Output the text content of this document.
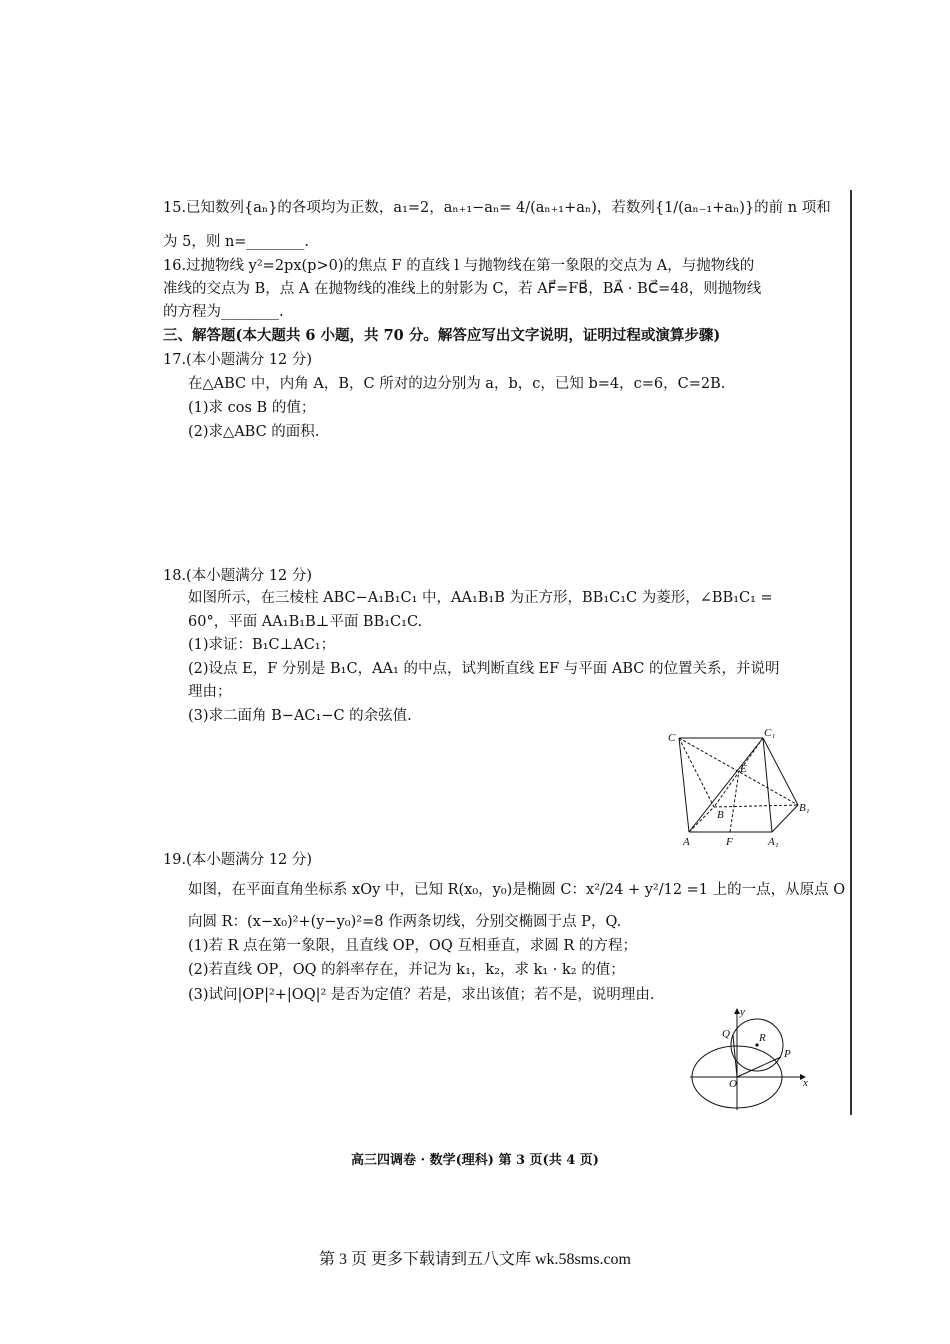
15.已知数列{aₙ}的各项均为正数，a₁=2，aₙ₊₁−aₙ= 4/(aₙ₊₁+aₙ)，若数列{1/(aₙ₋₁+aₙ)}的前 n 项和
为 5，则 n=________.
16.过抛物线 y²=2px(p>0)的焦点 F 的直线 l 与抛物线在第一象限的交点为 A，与抛物线的
准线的交点为 B，点 A 在抛物线的准线上的射影为 C，若 AF⃗=FB⃗，BA⃗ · BC⃗=48，则抛物线
的方程为________.
三、解答题(本大题共 6 小题，共 70 分。解答应写出文字说明，证明过程或演算步骤)
17.(本小题满分 12 分)
在△ABC 中，内角 A，B，C 所对的边分别为 a，b，c，已知 b=4，c=6，C=2B.
(1)求 cos B 的值；
(2)求△ABC 的面积.
18.(本小题满分 12 分)
如图所示，在三棱柱 ABC−A₁B₁C₁ 中，AA₁B₁B 为正方形，BB₁C₁C 为菱形，∠BB₁C₁ =
60°，平面 AA₁B₁B⊥平面 BB₁C₁C.
(1)求证：B₁C⊥AC₁；
(2)设点 E，F 分别是 B₁C，AA₁ 的中点，试判断直线 EF 与平面 ABC 的位置关系，并说明
理由；
(3)求二面角 B−AC₁−C 的余弦值.
C	C₁
E
B
B₁
A	F	A₁
19.(本小题满分 12 分)
如图，在平面直角坐标系 xOy 中，已知 R(x₀，y₀)是椭圆 C：x²/24 + y²/12 =1 上的一点，从原点 O
向圆 R：(x−x₀)²+(y−y₀)²=8 作两条切线，分别交椭圆于点 P，Q.
(1)若 R 点在第一象限，且直线 OP，OQ 互相垂直，求圆 R 的方程；
(2)若直线 OP，OQ 的斜率存在，并记为 k₁，k₂，求 k₁ · k₂ 的值；
(3)试问|OP|²+|OQ|² 是否为定值？若是，求出该值；若不是，说明理由.
y
Q	R
P
O	x
高三四调卷 · 数学(理科) 第 3 页(共 4 页)
第 3 页 更多下载请到五八文库 wk.58sms.com
